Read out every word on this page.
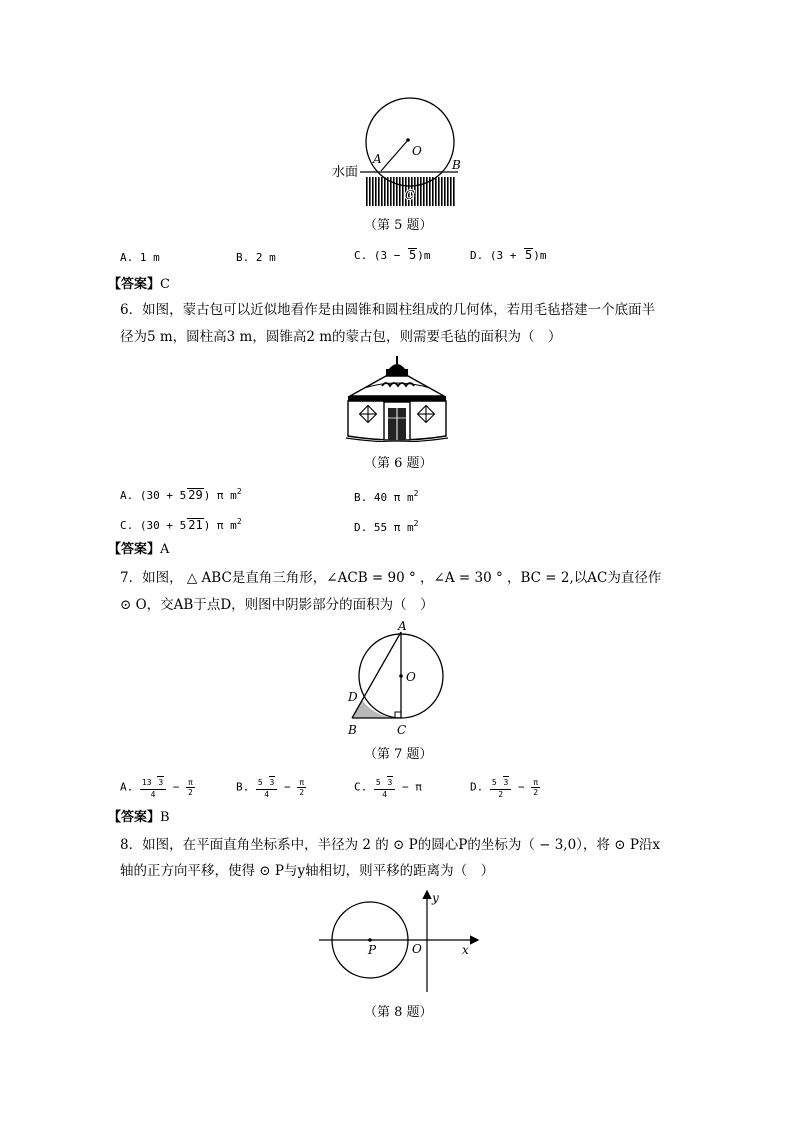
水面
A
O
B
C
（第 5 题）
A. 1 m	B. 2 m	C. (3 − 5)m	D. (3 + 5)m
【答案】C
6．如图，蒙古包可以近似地看作是由圆锥和圆柱组成的几何体，若用毛毡搭建一个底面半
径为5 m，圆柱高3 m，圆锥高2 m的蒙古包，则需要毛毡的面积为（　）
（第 6 题）
A. (30 + 5 29) π $m^2$	B. 40 π $m^2$
C. (30 + 5 21) π $m^2$	D. 55 π $m^2$
【答案】A
7．如图， △ ABC是直角三角形，∠ACB = 90 ° ，∠A = 30 ° ，BC = 2,以AC为直径作
⊙ O，交AB于点D，则图中阴影部分的面积为（　）
A
O
D
B	C
（第 7 题）
A. $\frac{13 3}{4} - \frac{\pi}{2}$	B. $\frac{5 3}{4} - \frac{\pi}{2}$	C. $\frac{5 3}{4} - \pi$	D. $\frac{5 3}{2} - \frac{\pi}{2}$
【答案】B
8．如图，在平面直角坐标系中，半径为 2 的 ⊙ P的圆心P的坐标为（ − 3,0），将 ⊙ P沿x
轴的正方向平移，使得 ⊙ P与y轴相切，则平移的距离为（　）
y
x
O
P
（第 8 题）
